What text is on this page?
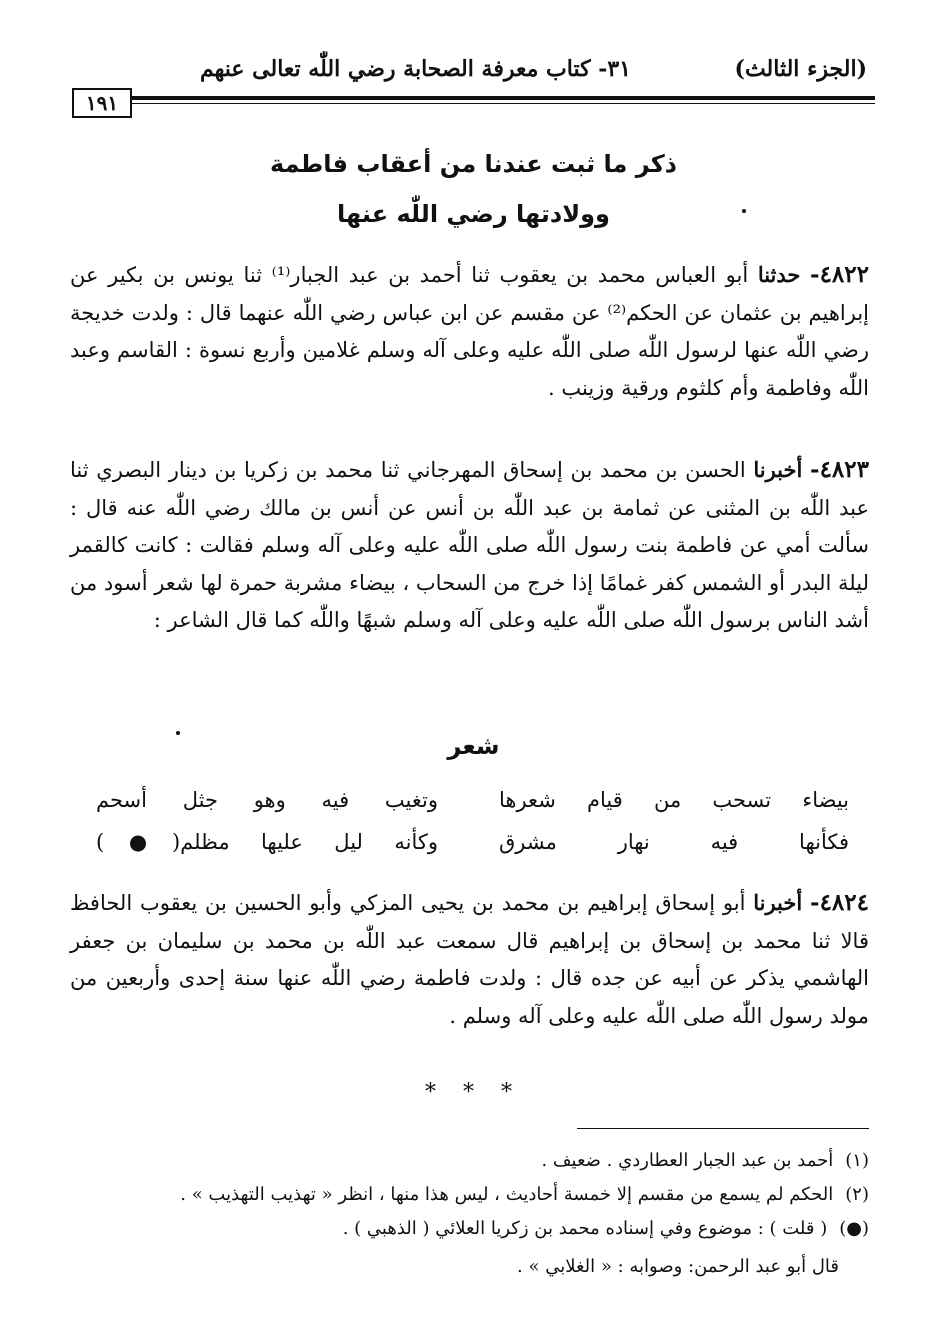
١٩١
(الجزء الثالث)
٣١- كتاب معرفة الصحابة رضي اللّٰه تعالى عنهم
ذكر ما ثبت عندنا من أعقاب فاطمة
وولادتها رضي اللّٰه عنها
٤٨٢٢- حدثنا أبو العباس محمد بن يعقوب ثنا أحمد بن عبد الجبار⁽¹⁾ ثنا يونس بن بكير عن إبراهيم بن عثمان عن الحكم⁽²⁾ عن مقسم عن ابن عباس رضي اللّٰه عنهما قال : ولدت خديجة رضي اللّٰه عنها لرسول اللّٰه صلى اللّٰه عليه وعلى آله وسلم غلامين وأربع نسوة : القاسم وعبد اللّٰه وفاطمة وأم كلثوم ورقية وزينب .
٤٨٢٣- أخبرنا الحسن بن محمد بن إسحاق المهرجاني ثنا محمد بن زكريا بن دينار البصري ثنا عبد اللّٰه بن المثنى عن ثمامة بن عبد اللّٰه بن أنس عن أنس بن مالك رضي اللّٰه عنه قال : سألت أمي عن فاطمة بنت رسول اللّٰه صلى اللّٰه عليه وعلى آله وسلم فقالت : كانت كالقمر ليلة البدر أو الشمس كفر غمامًا إذا خرج من السحاب ، بيضاء مشربة حمرة لها شعر أسود من أشد الناس برسول اللّٰه صلى اللّٰه عليه وعلى آله وسلم شبهًا واللّٰه كما قال الشاعر :
شعر
بيضاء تسحب من قيام شعرها
وتغيب فيه وهو جثل أسحم
فكأنها فيه نهار مشرق
وكأنه ليل عليها مظلم(●)
٤٨٢٤- أخبرنا أبو إسحاق إبراهيم بن محمد بن يحيى المزكي وأبو الحسين بن يعقوب الحافظ قالا ثنا محمد بن إسحاق بن إبراهيم قال سمعت عبد اللّٰه بن محمد بن سليمان بن جعفر الهاشمي يذكر عن أبيه عن جده قال : ولدت فاطمة رضي اللّٰه عنها سنة إحدى وأربعين من مولد رسول اللّٰه صلى اللّٰه عليه وعلى آله وسلم .
* * *
(١)أحمد بن عبد الجبار العطاردي . ضعيف .
(٢)الحكم لم يسمع من مقسم إلا خمسة أحاديث ، ليس هذا منها ، انظر « تهذيب التهذيب » .
(●)( قلت ) : موضوع وفي إسناده محمد بن زكريا العلائي ( الذهبي ) .
قال أبو عبد الرحمن: وصوابه : « الغلابي » .
